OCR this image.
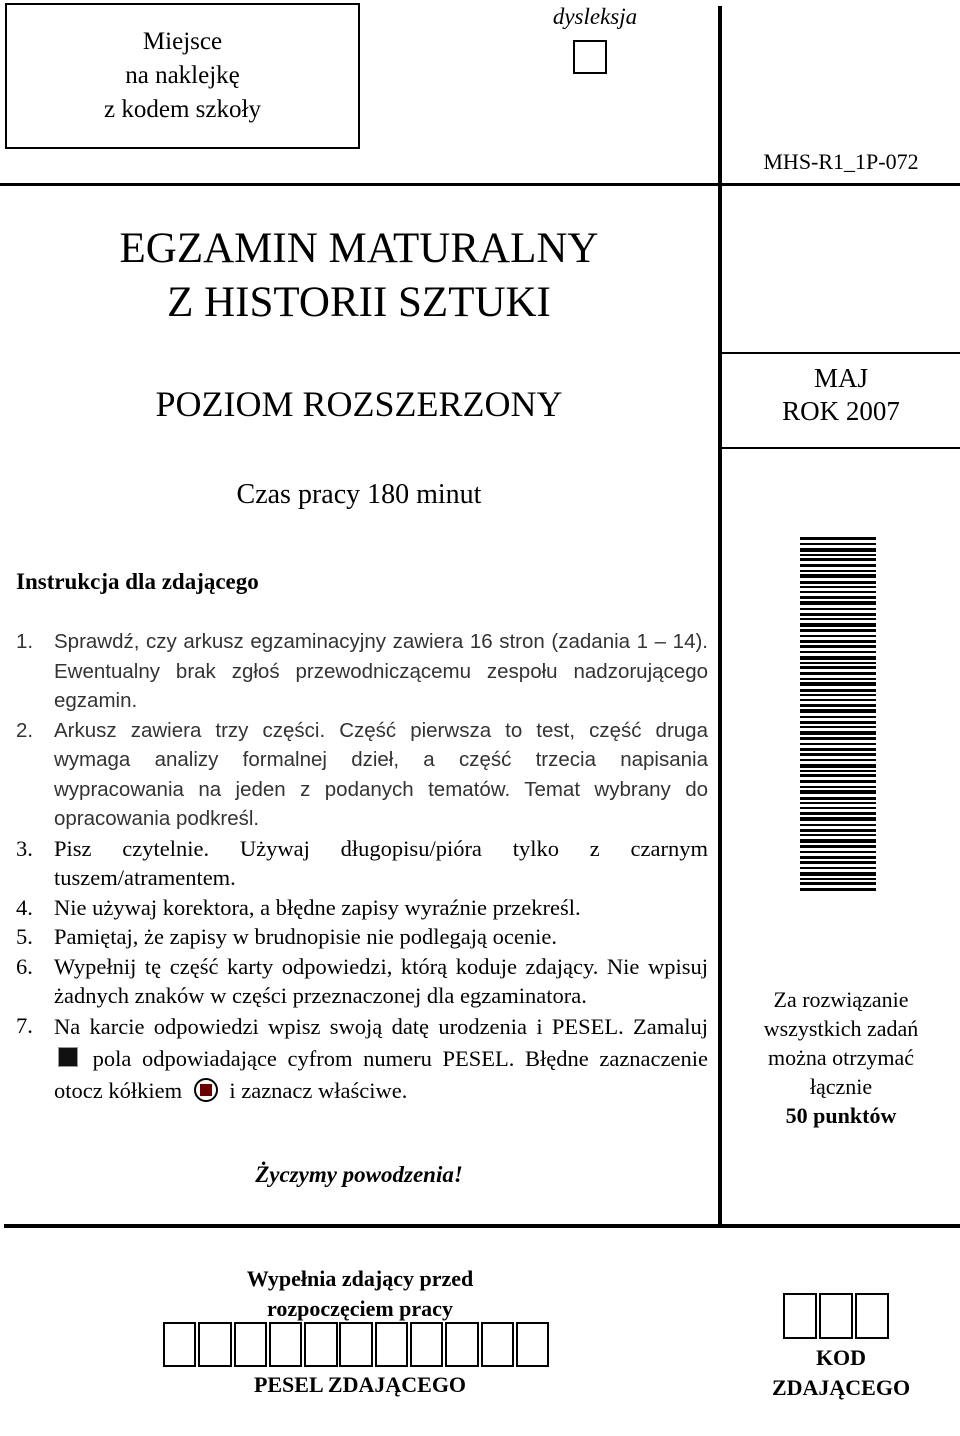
Miejsce
na naklejkę
z kodem szkoły
dysleksja
MHS-R1_1P-072
EGZAMIN MATURALNY
Z HISTORII SZTUKI
POZIOM ROZSZERZONY
Czas pracy 180 minut
MAJ
ROK 2007
Instrukcja dla zdającego
1.	Sprawdź, czy arkusz egzaminacyjny zawiera 16 stron (zadania 1 – 14). Ewentualny brak zgłoś przewodniczącemu zespołu nadzorującego egzamin.
2.	Arkusz zawiera trzy części. Część pierwsza to test, część druga wymaga analizy formalnej dzieł, a część trzecia napisania wypracowania na jeden z podanych tematów. Temat wybrany do opracowania podkreśl.
3. Pisz czytelnie. Używaj długopisu/pióra tylko z czarnym tuszem/atramentem.
4. Nie używaj korektora, a błędne zapisy wyraźnie przekreśl.
5. Pamiętaj, że zapisy w brudnopisie nie podlegają ocenie.
6. Wypełnij tę część karty odpowiedzi, którą koduje zdający. Nie wpisuj żadnych znaków w części przeznaczonej dla egzaminatora.
7. Na karcie odpowiedzi wpisz swoją datę urodzenia i PESEL. Zamaluj  pola odpowiadające cyfrom numeru PESEL. Błędne zaznaczenie otocz kółkiem i zaznacz właściwe.
Za rozwiązanie
wszystkich zadań
można otrzymać
łącznie
50 punktów
Życzymy powodzenia!
Wypełnia zdający przed
rozpoczęciem pracy
PESEL ZDAJĄCEGO
KOD
ZDAJĄCEGO
